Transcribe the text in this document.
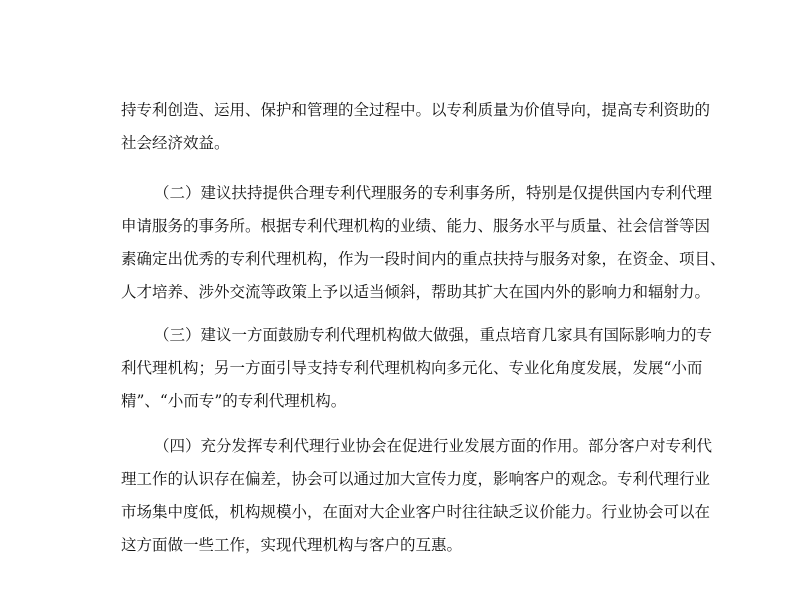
持专利创造、运用、保护和管理的全过程中。以专利质量为价值导向，提高专利资助的

社会经济效益。

（二）建议扶持提供合理专利代理服务的专利事务所，特别是仅提供国内专利代理

申请服务的事务所。根据专利代理机构的业绩、能力、服务水平与质量、社会信誉等因

素确定出优秀的专利代理机构，作为一段时间内的重点扶持与服务对象，在资金、项目、

人才培养、涉外交流等政策上予以适当倾斜，帮助其扩大在国内外的影响力和辐射力。

（三）建议一方面鼓励专利代理机构做大做强，重点培育几家具有国际影响力的专

利代理机构；另一方面引导支持专利代理机构向多元化、专业化角度发展，发展“小而

精”、“小而专”的专利代理机构。

（四）充分发挥专利代理行业协会在促进行业发展方面的作用。部分客户对专利代

理工作的认识存在偏差，协会可以通过加大宣传力度，影响客户的观念。专利代理行业

市场集中度低，机构规模小，在面对大企业客户时往往缺乏议价能力。行业协会可以在

这方面做一些工作，实现代理机构与客户的互惠。
